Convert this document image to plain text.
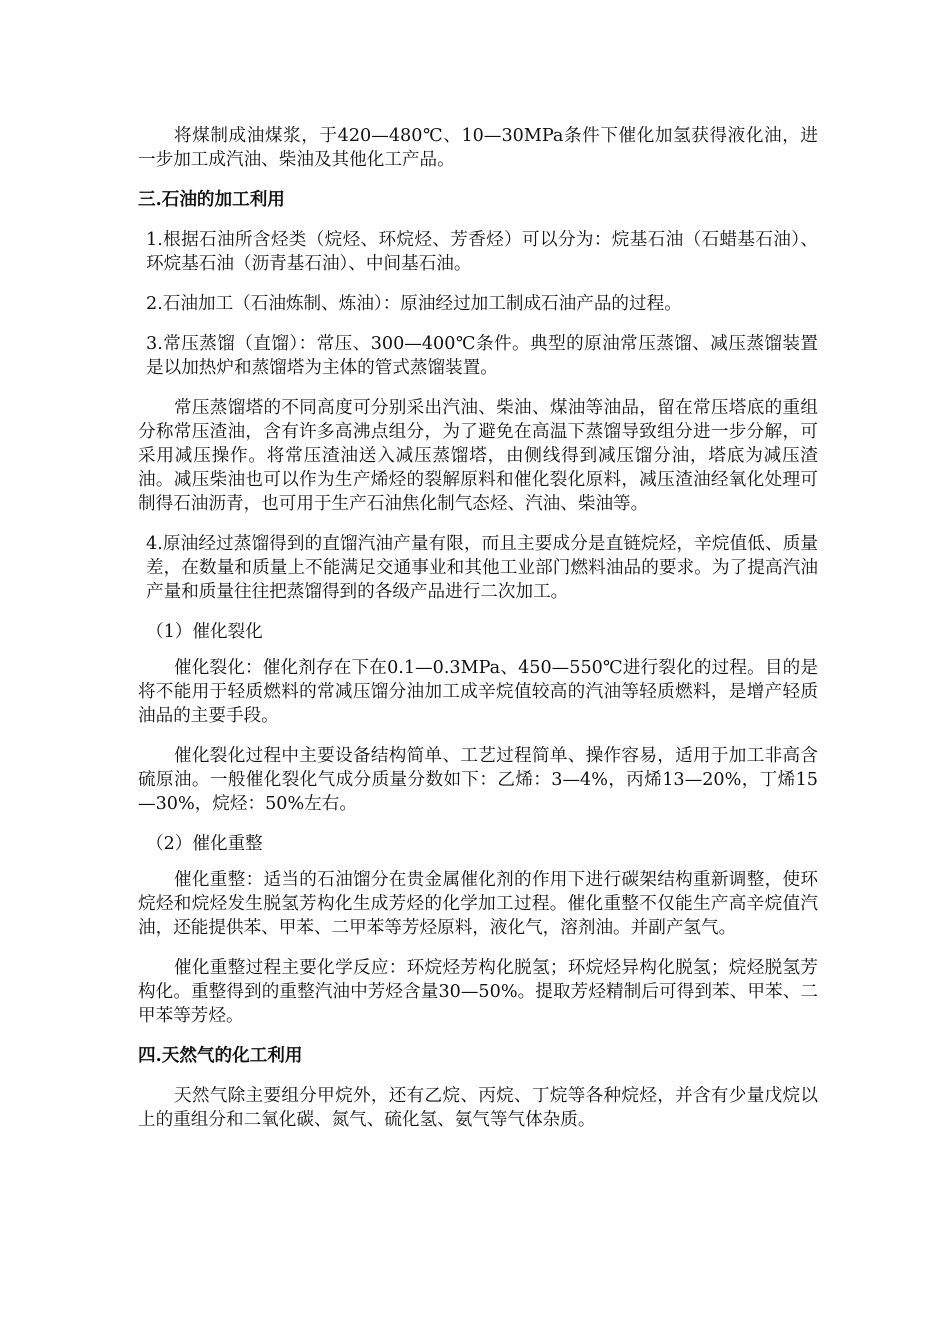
将煤制成油煤浆，于420—480℃、10—30MPa条件下催化加氢获得液化油，进一步加工成汽油、柴油及其他化工产品。

三.石油的加工利用

1.根据石油所含烃类（烷烃、环烷烃、芳香烃）可以分为：烷基石油（石蜡基石油）、环烷基石油（沥青基石油）、中间基石油。

2.石油加工（石油炼制、炼油）：原油经过加工制成石油产品的过程。

3.常压蒸馏（直馏）：常压、300—400℃条件。典型的原油常压蒸馏、减压蒸馏装置是以加热炉和蒸馏塔为主体的管式蒸馏装置。

常压蒸馏塔的不同高度可分别采出汽油、柴油、煤油等油品，留在常压塔底的重组分称常压渣油，含有许多高沸点组分，为了避免在高温下蒸馏导致组分进一步分解，可采用减压操作。将常压渣油送入减压蒸馏塔，由侧线得到减压馏分油，塔底为减压渣油。减压柴油也可以作为生产烯烃的裂解原料和催化裂化原料，减压渣油经氧化处理可制得石油沥青，也可用于生产石油焦化制气态烃、汽油、柴油等。

4.原油经过蒸馏得到的直馏汽油产量有限，而且主要成分是直链烷烃，辛烷值低、质量差，在数量和质量上不能满足交通事业和其他工业部门燃料油品的要求。为了提高汽油产量和质量往往把蒸馏得到的各级产品进行二次加工。

（1）催化裂化

催化裂化：催化剂存在下在0.1—0.3MPa、450—550℃进行裂化的过程。目的是将不能用于轻质燃料的常减压馏分油加工成辛烷值较高的汽油等轻质燃料，是增产轻质油品的主要手段。

催化裂化过程中主要设备结构简单、工艺过程简单、操作容易，适用于加工非高含硫原油。一般催化裂化气成分质量分数如下：乙烯：3—4%，丙烯13—20%，丁烯15—30%，烷烃：50%左右。

（2）催化重整

催化重整：适当的石油馏分在贵金属催化剂的作用下进行碳架结构重新调整，使环烷烃和烷烃发生脱氢芳构化生成芳烃的化学加工过程。催化重整不仅能生产高辛烷值汽油，还能提供苯、甲苯、二甲苯等芳烃原料，液化气，溶剂油。并副产氢气。

催化重整过程主要化学反应：环烷烃芳构化脱氢；环烷烃异构化脱氢；烷烃脱氢芳构化。重整得到的重整汽油中芳烃含量30—50%。提取芳烃精制后可得到苯、甲苯、二甲苯等芳烃。

四.天然气的化工利用

天然气除主要组分甲烷外，还有乙烷、丙烷、丁烷等各种烷烃，并含有少量戊烷以上的重组分和二氧化碳、氮气、硫化氢、氨气等气体杂质。
